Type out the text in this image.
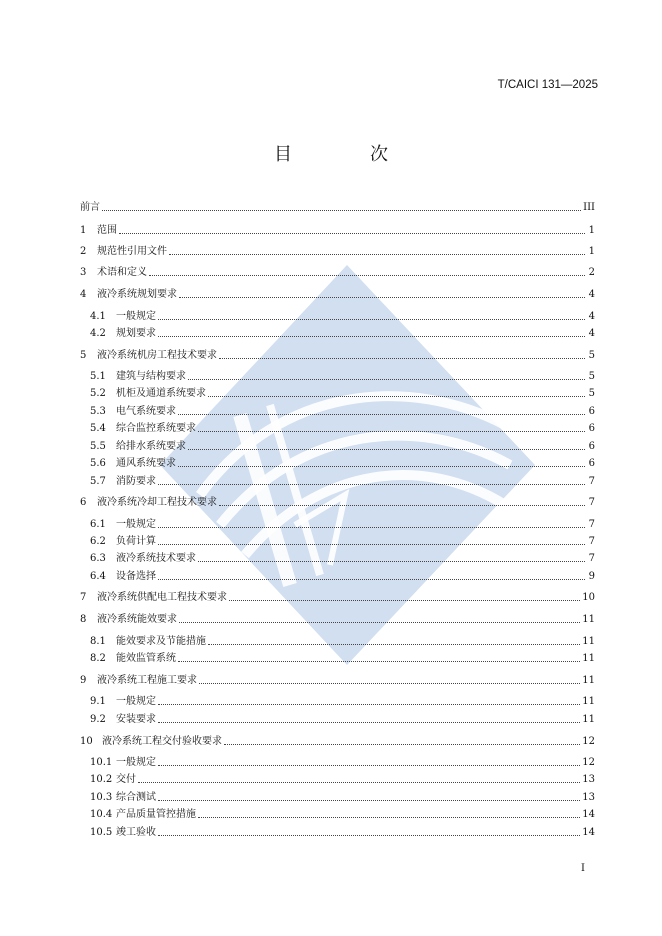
T/CAICI 131—2025
目　次
前言	III
1	范围	1
2	规范性引用文件	1
3	术语和定义	2
4	液冷系统规划要求	4
4.1	一般规定	4
4.2	规划要求	4
5	液冷系统机房工程技术要求	5
5.1	建筑与结构要求	5
5.2	机柜及通道系统要求	5
5.3	电气系统要求	6
5.4	综合监控系统要求	6
5.5	给排水系统要求	6
5.6	通风系统要求	6
5.7	消防要求	7
6	液冷系统冷却工程技术要求	7
6.1	一般规定	7
6.2	负荷计算	7
6.3	液冷系统技术要求	7
6.4	设备选择	9
7	液冷系统供配电工程技术要求	10
8	液冷系统能效要求	11
8.1	能效要求及节能措施	11
8.2	能效监管系统	11
9	液冷系统工程施工要求	11
9.1	一般规定	11
9.2	安装要求	11
10 液冷系统工程交付验收要求	12
10.1 一般规定	12
10.2 交付	13
10.3 综合测试	13
10.4 产品质量管控措施	14
10.5 竣工验收	14
I
